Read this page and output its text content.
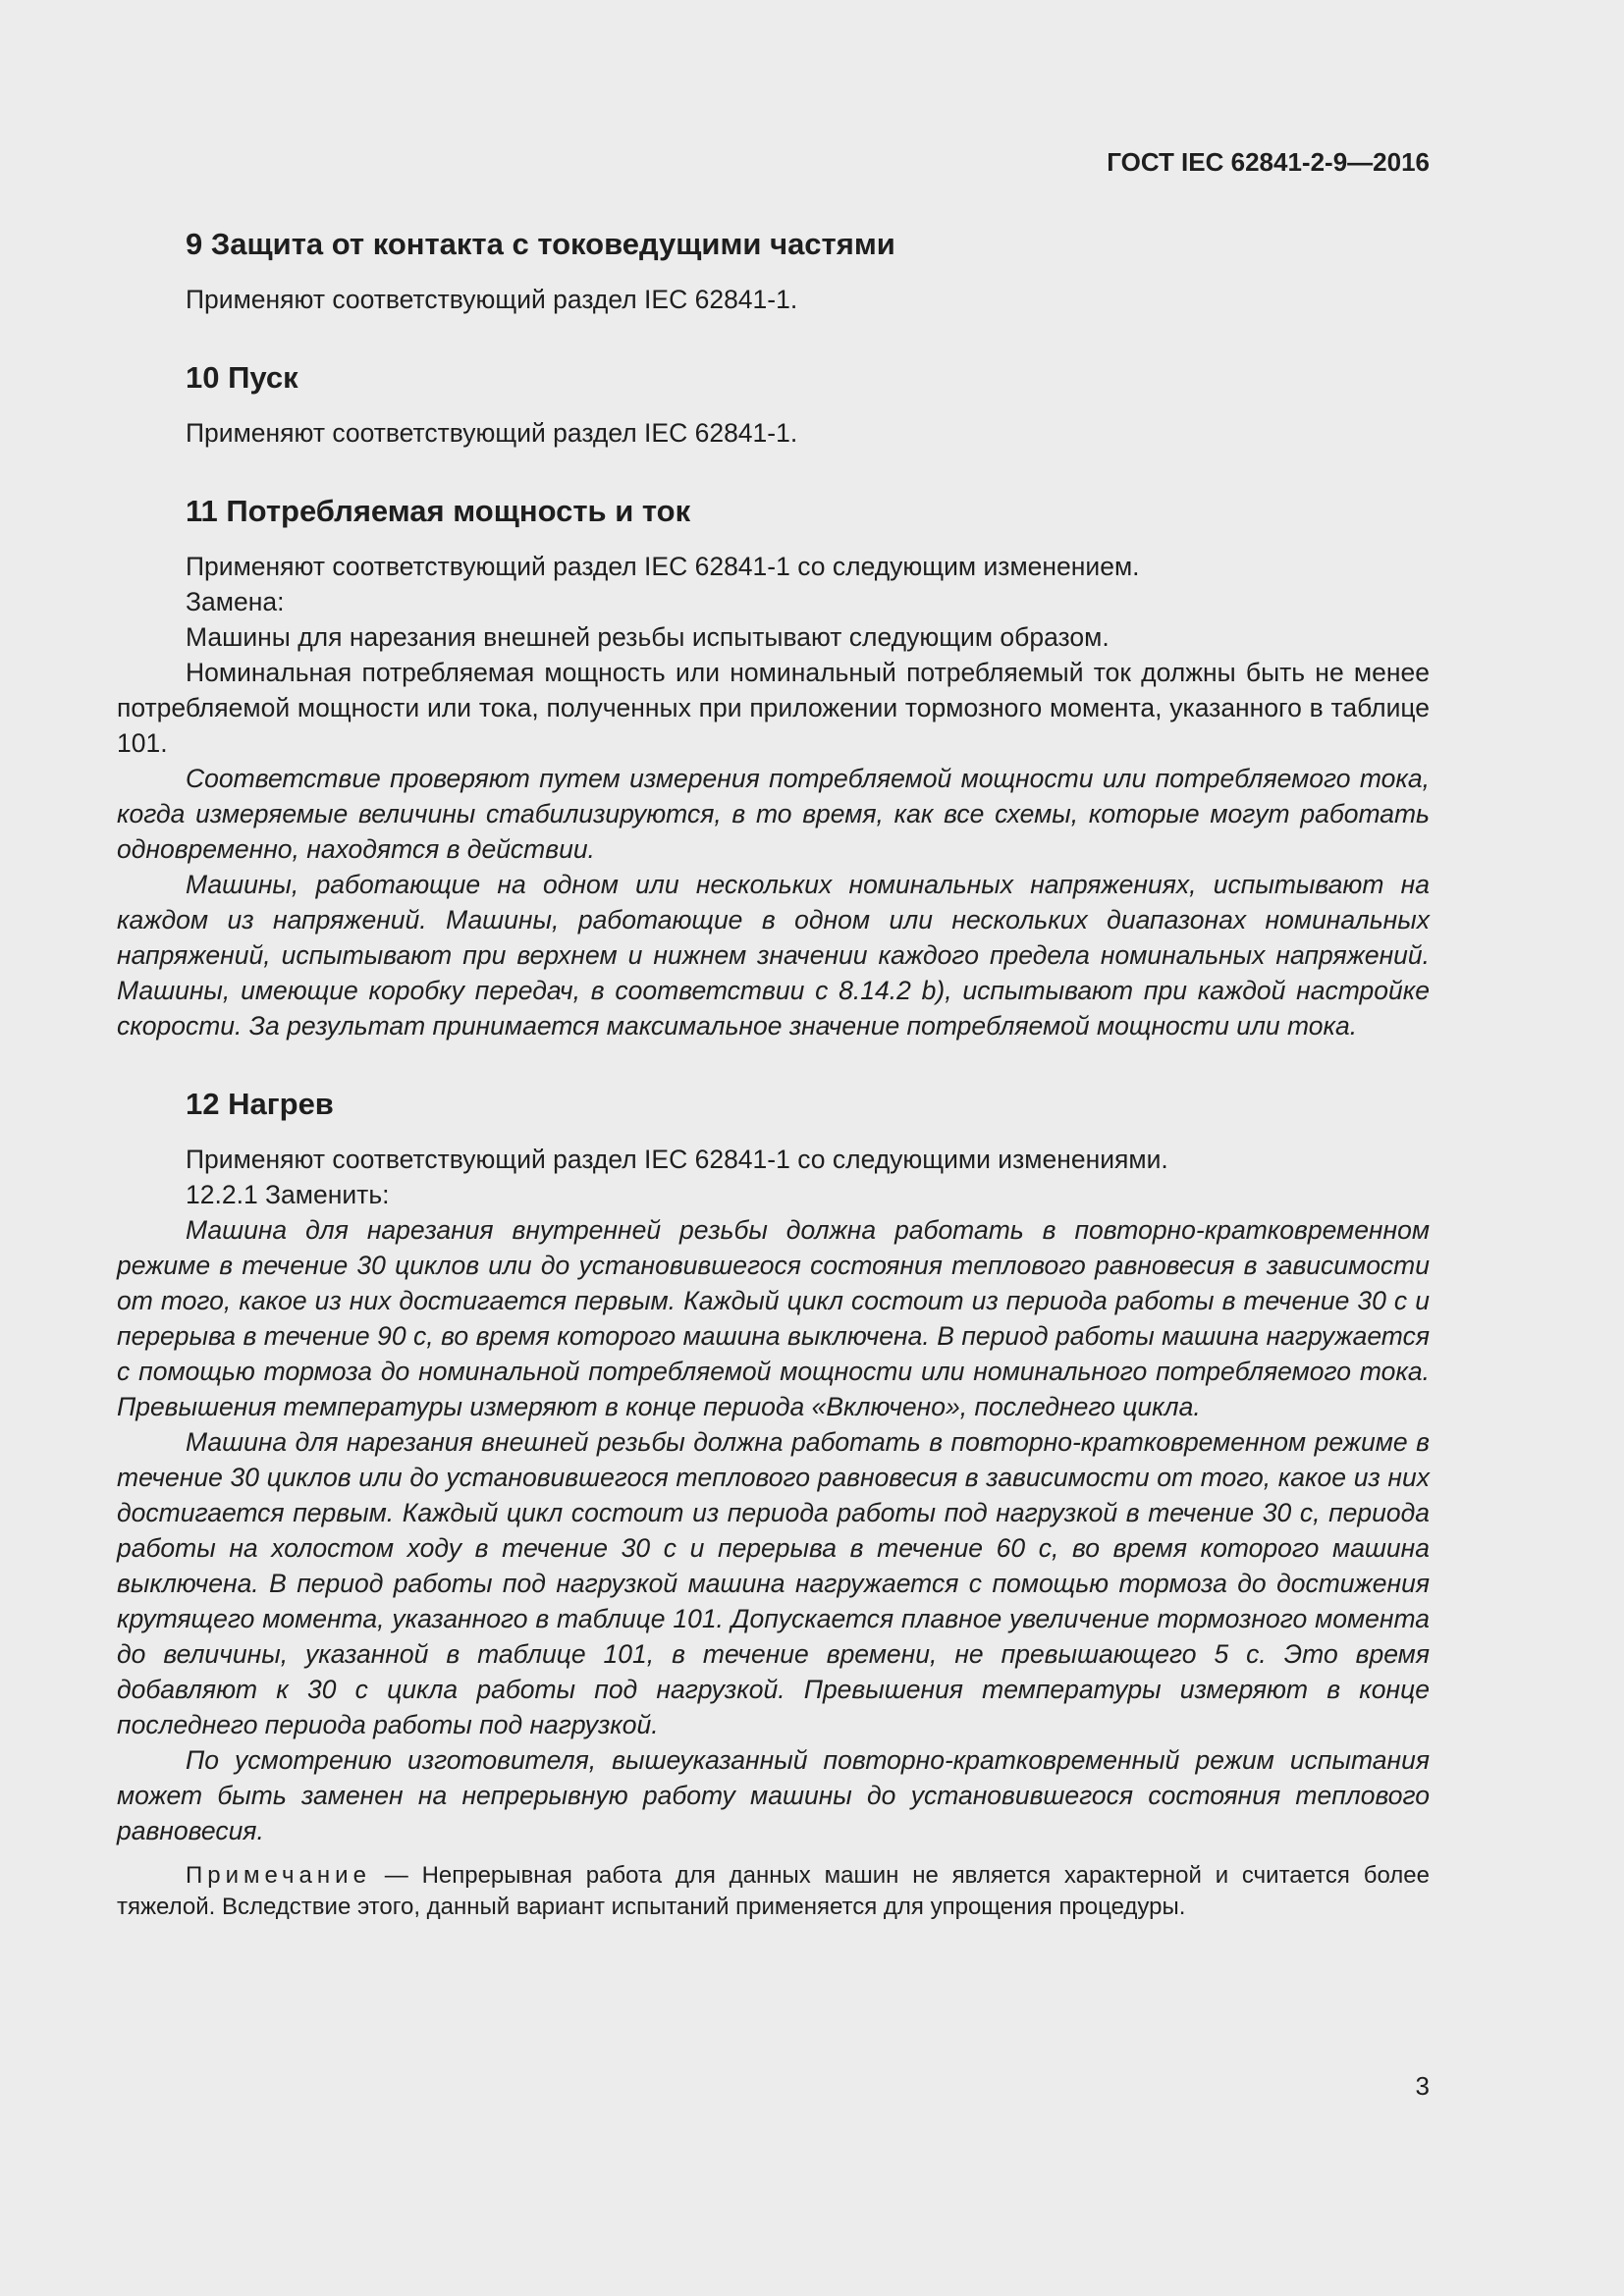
ГОСТ IEC 62841-2-9—2016
9 Защита от контакта с токоведущими частями

Применяют соответствующий раздел IEC 62841-1.

10 Пуск

Применяют соответствующий раздел IEC 62841-1.

11 Потребляемая мощность и ток

Применяют соответствующий раздел IEC 62841-1 со следующим изменением.

Замена:

Машины для нарезания внешней резьбы испытывают следующим образом.

Номинальная потребляемая мощность или номинальный потребляемый ток должны быть не менее потребляемой мощности или тока, полученных при приложении тормозного момента, указанного в таблице 101.

Соответствие проверяют путем измерения потребляемой мощности или потребляемого тока, когда измеряемые величины стабилизируются, в то время, как все схемы, которые могут работать одновременно, находятся в действии.

Машины, работающие на одном или нескольких номинальных напряжениях, испытывают на каждом из напряжений. Машины, работающие в одном или нескольких диапазонах номинальных напряжений, испытывают при верхнем и нижнем значении каждого предела номинальных напряжений. Машины, имеющие коробку передач, в соответствии с 8.14.2 b), испытывают при каждой настройке скорости. За результат принимается максимальное значение потребляемой мощности или тока.

12 Нагрев

Применяют соответствующий раздел IEC 62841-1 со следующими изменениями.

12.2.1 Заменить:

Машина для нарезания внутренней резьбы должна работать в повторно-кратковременном режиме в течение 30 циклов или до установившегося состояния теплового равновесия в зависимости от того, какое из них достигается первым. Каждый цикл состоит из периода работы в течение 30 с и перерыва в течение 90 с, во время которого машина выключена. В период работы машина нагружается с помощью тормоза до номинальной потребляемой мощности или номинального потребляемого тока. Превышения температуры измеряют в конце периода «Включено», последнего цикла.

Машина для нарезания внешней резьбы должна работать в повторно-кратковременном режиме в течение 30 циклов или до установившегося теплового равновесия в зависимости от того, какое из них достигается первым. Каждый цикл состоит из периода работы под нагрузкой в течение 30 с, периода работы на холостом ходу в течение 30 с и перерыва в течение 60 с, во время которого машина выключена. В период работы под нагрузкой машина нагружается с помощью тормоза до достижения крутящего момента, указанного в таблице 101. Допускается плавное увеличение тормозного момента до величины, указанной в таблице 101, в течение времени, не превышающего 5 с. Это время добавляют к 30 с цикла работы под нагрузкой. Превышения температуры измеряют в конце последнего периода работы под нагрузкой.

По усмотрению изготовителя, вышеуказанный повторно-кратковременный режим испытания может быть заменен на непрерывную работу машины до установившегося состояния теплового равновесия.

Примечание — Непрерывная работа для данных машин не является характерной и считается более тяжелой. Вследствие этого, данный вариант испытаний применяется для упрощения процедуры.

3
